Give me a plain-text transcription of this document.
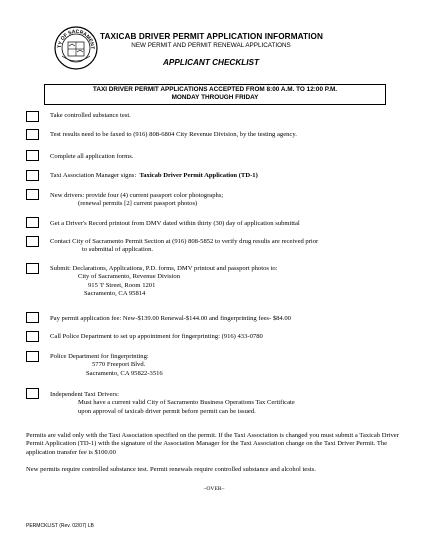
TY OF SACRAMENT
TAXICAB DRIVER PERMIT APPLICATION INFORMATION
NEW PERMIT AND PERMIT RENEWAL APPLICATIONS
APPLICANT CHECKLIST
TAXI DRIVER PERMIT APPLICATIONS ACCEPTED FROM 8:00 A.M. TO 12:00 P.M.
MONDAY THROUGH FRIDAY
Take controlled substance test.
Test results need to be faxed to (916) 808-6804 City Revenue Division, by the testing agency.
Complete all application forms.
Taxi Association Manager signs: Taxicab Driver Permit Application (TD-1)
New drivers: provide four (4) current passport color photographs;
(renewal permits [2] current passport photos)
Get a Driver's Record printout from DMV dated within thirty (30) day of application submittal
Contact City of Sacramento Permit Section at (916) 808-5852 to verify drug results are received prior
to submittal of application.
Submit: Declarations, Applications, P.D. forms, DMV printout and passport photos to:
City of Sacramento, Revenue Division
915 'I' Street, Room 1201
Sacramento, CA 95814
Pay permit application fee: New-$139.00 Renewal-$144.00 and fingerprinting fees- $84.00
Call Police Department to set up appointment for fingerprinting: (916) 433-0780
Police Department for fingerprinting:
5770 Freeport Blvd.
Sacramento, CA 95822-3516
Independent Taxi Drivers:
Must have a current valid City of Sacramento Business Operations Tax Certificate
upon approval of taxicab driver permit before permit can be issued.
Permits are valid only with the Taxi Association specified on the permit. If the Taxi Association is changed you must submit a Taxicab Driver Permit Application (TD-1) with the signature of the Association Manager for the Taxi Association change on the Taxi Driver Permit. The application transfer fee is $100.00
New permits require controlled substance test. Permit renewals require controlled substance and alcohol tests.
–OVER–
PERMCKLIST (Rev. 02/07) LB
